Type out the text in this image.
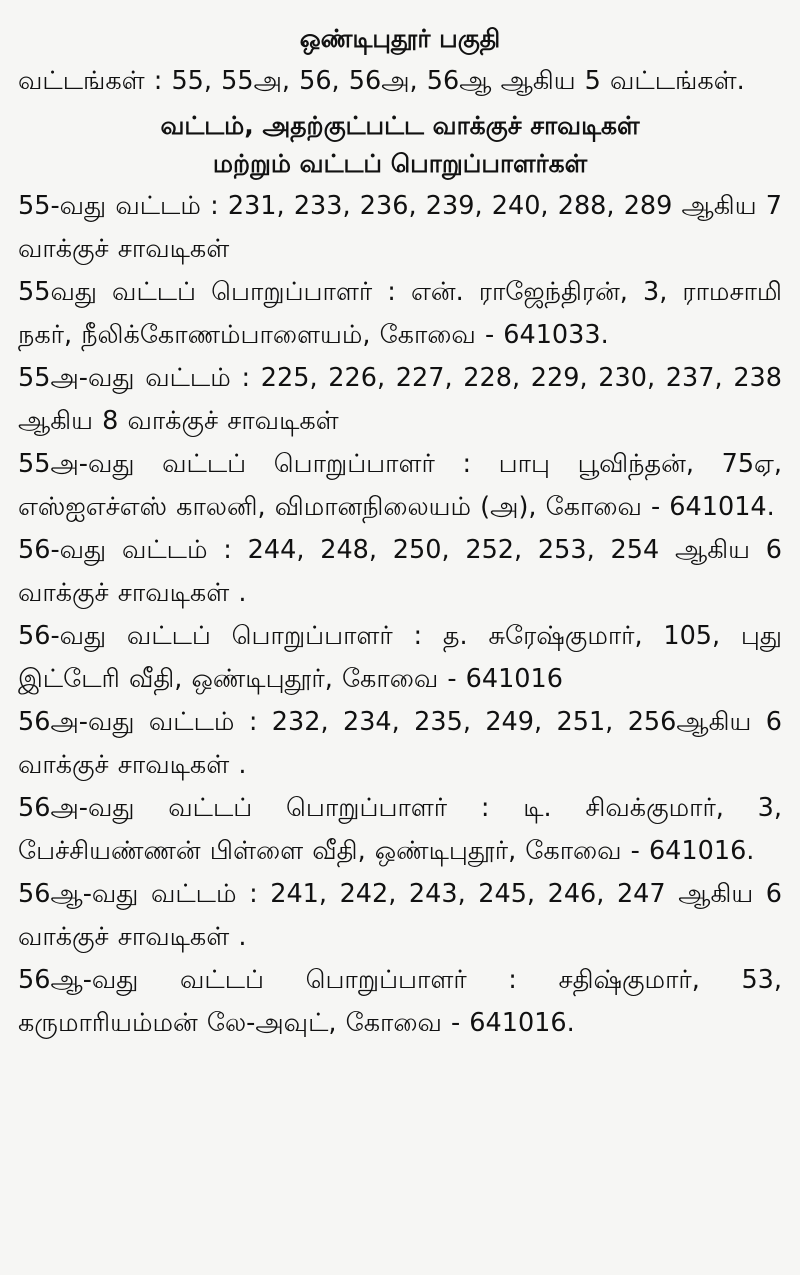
ஒண்டிபுதூர் பகுதி

வட்டங்கள் : 55, 55அ, 56, 56அ, 56ஆ ஆகிய 5 வட்டங்கள்.

வட்டம், அதற்குட்பட்ட வாக்குச் சாவடிகள்

மற்றும் வட்டப் பொறுப்பாளர்கள்

55-வது வட்டம் : 231, 233, 236, 239, 240, 288, 289 ஆகிய 7 வாக்குச் சாவடிகள்

55வது வட்டப் பொறுப்பாளர் : என். ராஜேந்திரன், 3, ராமசாமி நகர், நீலிக்கோணம்பாளையம், கோவை - 641033.

55அ-வது வட்டம் : 225, 226, 227, 228, 229, 230, 237, 238 ஆகிய 8 வாக்குச் சாவடிகள்

55அ-வது வட்டப் பொறுப்பாளர் : பாபு பூவிந்தன், 75ஏ, எஸ்ஐஎச்எஸ் காலனி, விமானநிலையம் (அ), கோவை - 641014.

56-வது வட்டம் : 244, 248, 250, 252, 253, 254 ஆகிய 6 வாக்குச் சாவடிகள் .

56-வது வட்டப் பொறுப்பாளர் : த. சுரேஷ்குமார், 105, புது இட்டேரி வீதி, ஒண்டிபுதூர், கோவை - 641016

56அ-வது வட்டம் : 232, 234, 235, 249, 251, 256ஆகிய 6 வாக்குச் சாவடிகள் .

56அ-வது வட்டப் பொறுப்பாளர் : டி. சிவக்குமார், 3, பேச்சியண்ணன் பிள்ளை வீதி, ஒண்டிபுதூர், கோவை - 641016.

56ஆ-வது வட்டம் : 241, 242, 243, 245, 246, 247 ஆகிய 6 வாக்குச் சாவடிகள் .

56ஆ-வது வட்டப் பொறுப்பாளர் : சதிஷ்குமார், 53, கருமாரியம்மன் லே-அவுட், கோவை - 641016.
